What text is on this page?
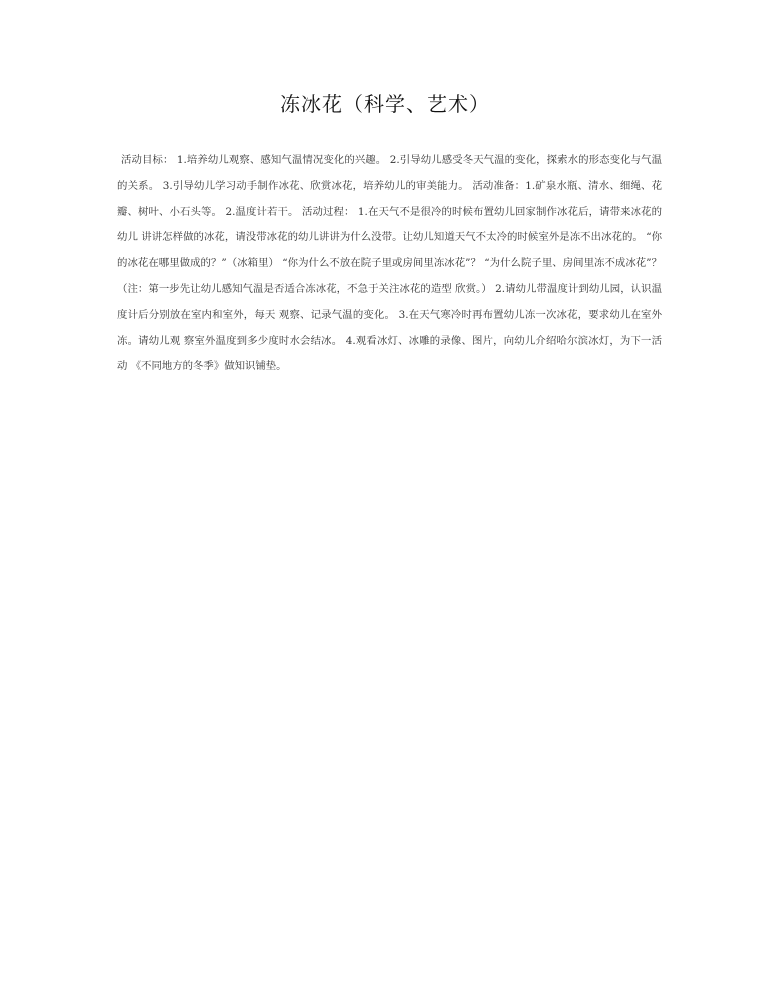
冻冰花（科学、艺术）

活动目标： 1.培养幼儿观察、感知气温情况变化的兴趣。 2.引导幼儿感受冬天气温的变化，探索水的形态变化与气温的关系。 3.引导幼儿学习动手制作冰花、欣赏冰花，培养幼儿的审美能力。 活动准备：1.矿泉水瓶、清水、细绳、花瓣、树叶、小石头等。 2.温度计若干。 活动过程： 1.在天气不是很冷的时候布置幼儿回家制作冰花后，请带来冰花的幼儿 讲讲怎样做的冰花，请没带冰花的幼儿讲讲为什么没带。让幼儿知道天气不太冷的时候室外是冻不出冰花的。 “你的冰花在哪里做成的？”（冰箱里） “你为什么不放在院子里或房间里冻冰花”？ “为什么院子里、房间里冻不成冰花”？ （注：第一步先让幼儿感知气温是否适合冻冰花，不急于关注冰花的造型 欣赏。） 2.请幼儿带温度计到幼儿园，认识温度计后分别放在室内和室外，每天 观察、记录气温的变化。 3.在天气寒冷时再布置幼儿冻一次冰花，要求幼儿在室外冻。请幼儿观 察室外温度到多少度时水会结冰。 4.观看冰灯、冰雕的录像、图片，向幼儿介绍哈尔滨冰灯，为下一活动 《不同地方的冬季》做知识铺垫。
